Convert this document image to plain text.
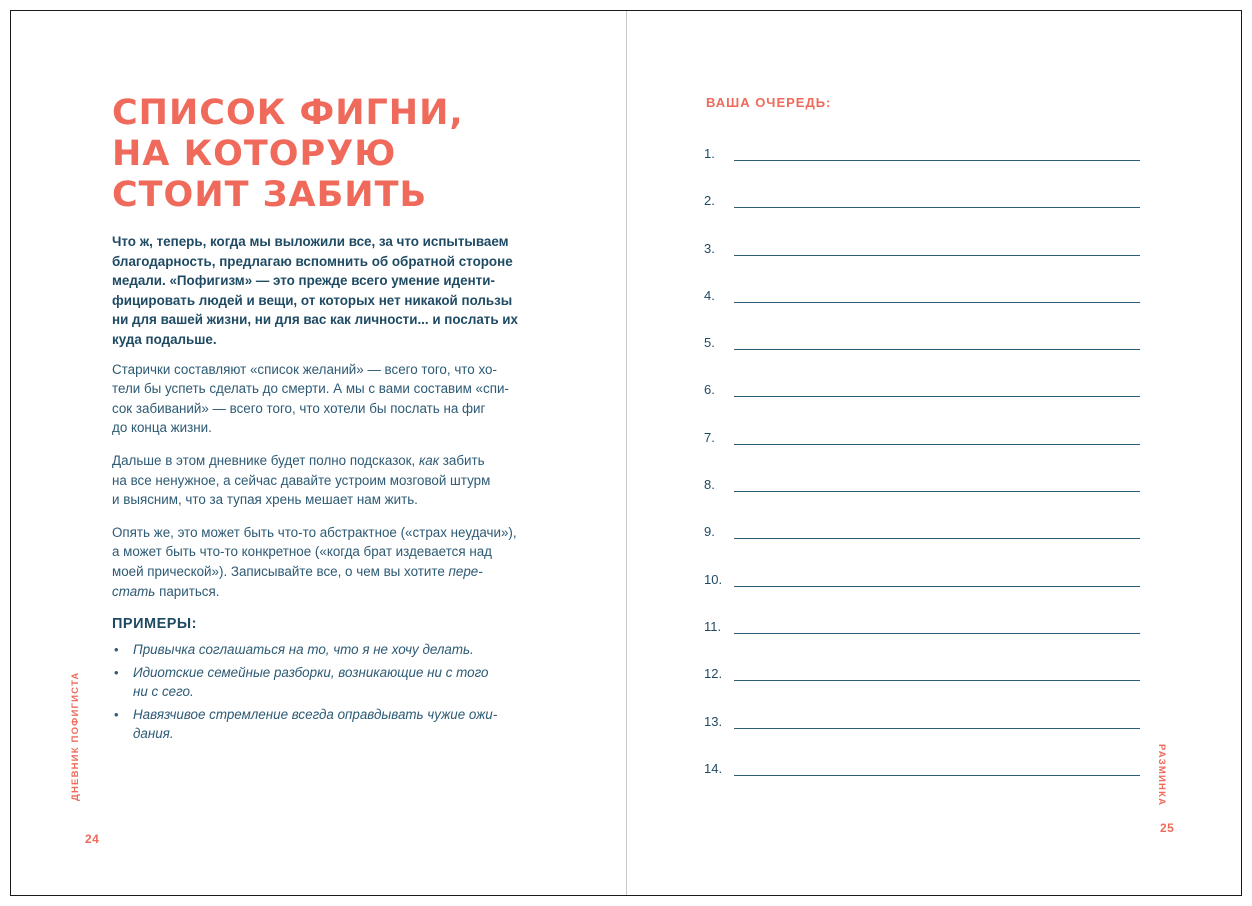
СПИСОК ФИГНИ,
НА КОТОРУЮ
СТОИТ ЗАБИТЬ

Что ж, теперь, когда мы выложили все, за что испытываем
благодарность, предлагаю вспомнить об обратной стороне
медали. «Пофигизм» — это прежде всего умение иденти-
фицировать людей и вещи, от которых нет никакой пользы
ни для вашей жизни, ни для вас как личности... и послать их
куда подальше.

Старички составляют «список желаний» — всего того, что хо-
тели бы успеть сделать до смерти. А мы с вами составим «спи-
сок забиваний» — всего того, что хотели бы послать на фиг
до конца жизни.

Дальше в этом дневнике будет полно подсказок, как забить
на все ненужное, а сейчас давайте устроим мозговой штурм
и выясним, что за тупая хрень мешает нам жить.

Опять же, это может быть что-то абстрактное («страх неудачи»),
а может быть что-то конкретное («когда брат издевается над
моей прической»). Записывайте все, о чем вы хотите пере-
стать париться.

ПРИМЕРЫ:
• Привычка соглашаться на то, что я не хочу делать.
• Идиотские семейные разборки, возникающие ни с того
ни с сего.
• Навязчивое стремление всегда оправдывать чужие ожи-
дания.
ДНЕВНИК ПОФИГИСТА
24
ВАША ОЧЕРЕДЬ:
1.
2.
3.
4.
5.
6.
7.
8.
9.
10.
11.
12.
13.
14.	РАЗМИНКА
25
